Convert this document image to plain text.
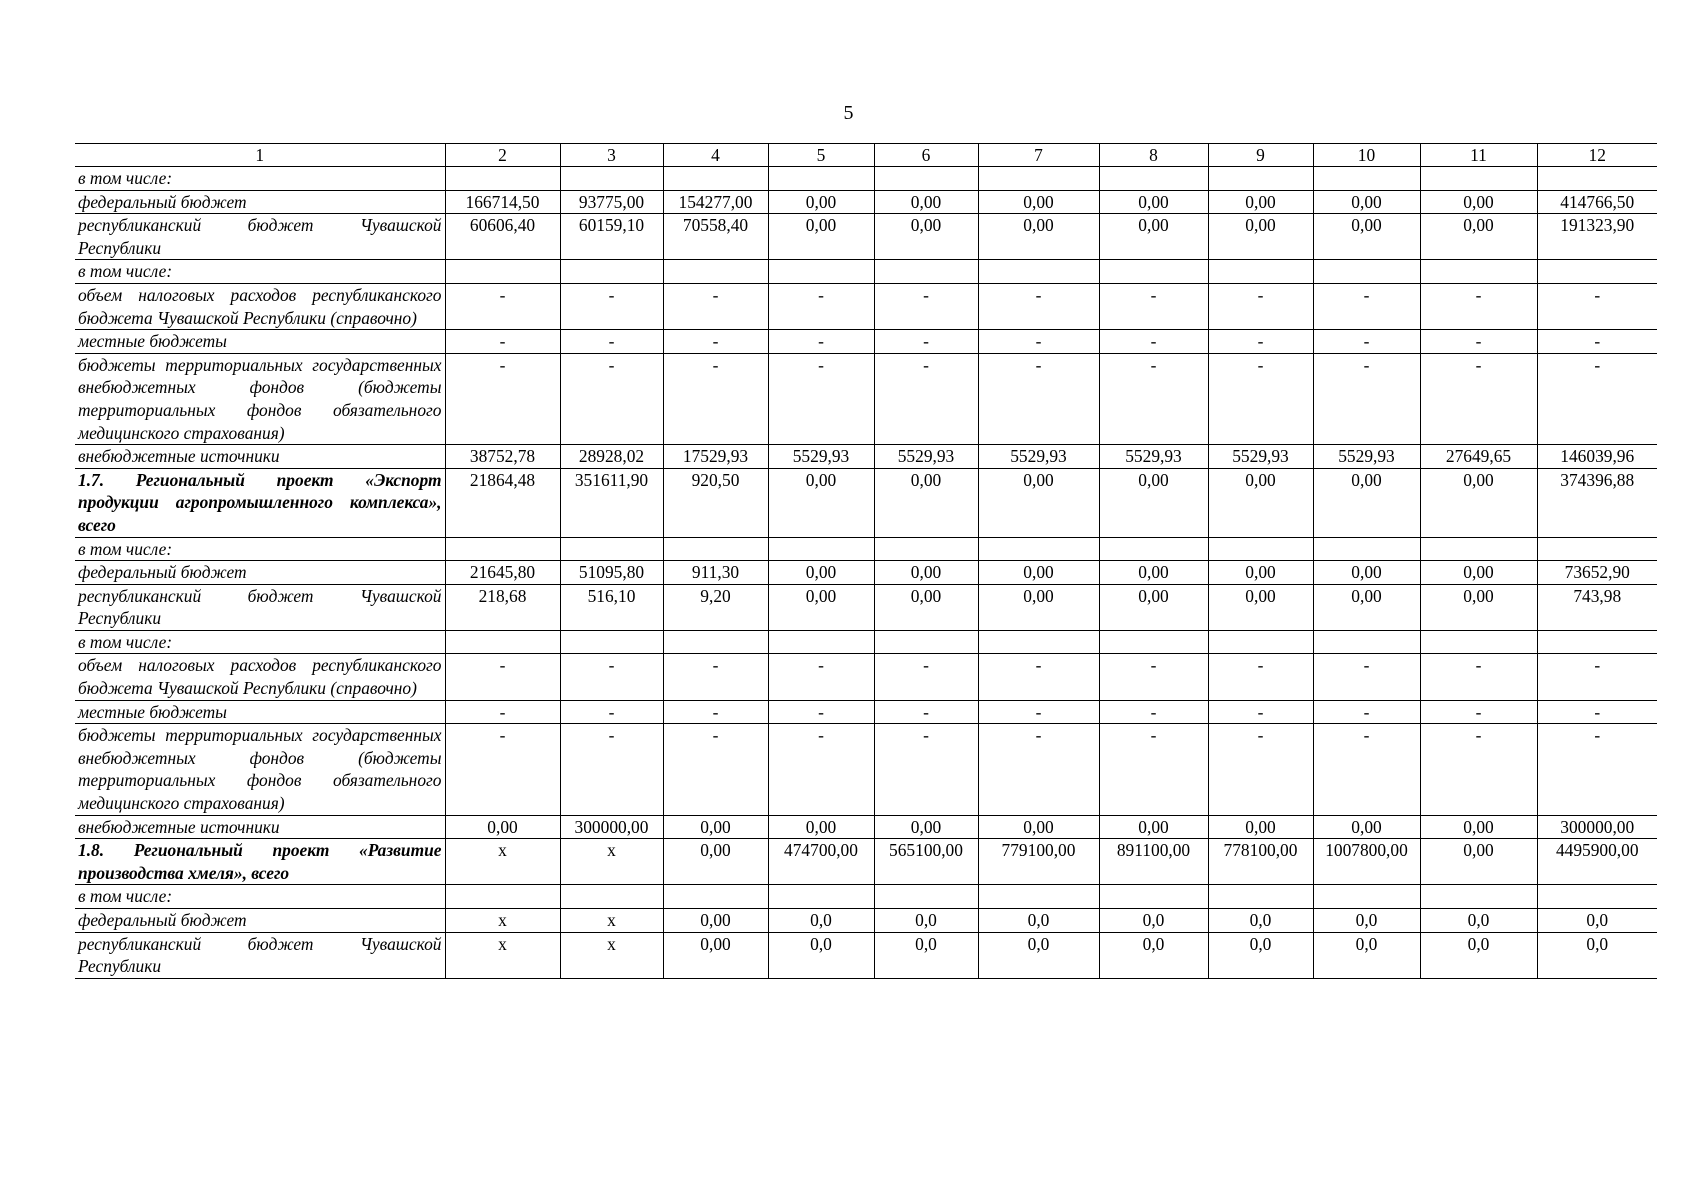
5
1	2	3	4	5	6	7	8	9	10	11	12
в том числе:											
федеральный бюджет	166714,50	93775,00	154277,00	0,00	0,00	0,00	0,00	0,00	0,00	0,00	414766,50
республиканский бюджет Чувашской Республики	60606,40	60159,10	70558,40	0,00	0,00	0,00	0,00	0,00	0,00	0,00	191323,90
в том числе:											
объем налоговых расходов республиканского бюджета Чувашской Республики (справочно)	-	-	-	-	-	-	-	-	-	-	-
местные бюджеты	-	-	-	-	-	-	-	-	-	-	-
бюджеты территориальных государственных внебюджетных фондов (бюджеты территориальных фондов обязательного медицинского страхования)	-	-	-	-	-	-	-	-	-	-	-
внебюджетные источники	38752,78	28928,02	17529,93	5529,93	5529,93	5529,93	5529,93	5529,93	5529,93	27649,65	146039,96
1.7. Региональный проект «Экспорт продукции агропромышленного комплекса», всего	21864,48	351611,90	920,50	0,00	0,00	0,00	0,00	0,00	0,00	0,00	374396,88
в том числе:											
федеральный бюджет	21645,80	51095,80	911,30	0,00	0,00	0,00	0,00	0,00	0,00	0,00	73652,90
республиканский бюджет Чувашской Республики	218,68	516,10	9,20	0,00	0,00	0,00	0,00	0,00	0,00	0,00	743,98
в том числе:											
объем налоговых расходов республиканского бюджета Чувашской Республики (справочно)	-	-	-	-	-	-	-	-	-	-	-
местные бюджеты	-	-	-	-	-	-	-	-	-	-	-
бюджеты территориальных государственных внебюджетных фондов (бюджеты территориальных фондов обязательного медицинского страхования)	-	-	-	-	-	-	-	-	-	-	-
внебюджетные источники	0,00	300000,00	0,00	0,00	0,00	0,00	0,00	0,00	0,00	0,00	300000,00
1.8. Региональный проект «Развитие производства хмеля», всего	х	х	0,00	474700,00	565100,00	779100,00	891100,00	778100,00	1007800,00	0,00	4495900,00
в том числе:											
федеральный бюджет	х	х	0,00	0,0	0,0	0,0	0,0	0,0	0,0	0,0	0,0
республиканский бюджет Чувашской Республики	х	х	0,00	0,0	0,0	0,0	0,0	0,0	0,0	0,0	0,0
